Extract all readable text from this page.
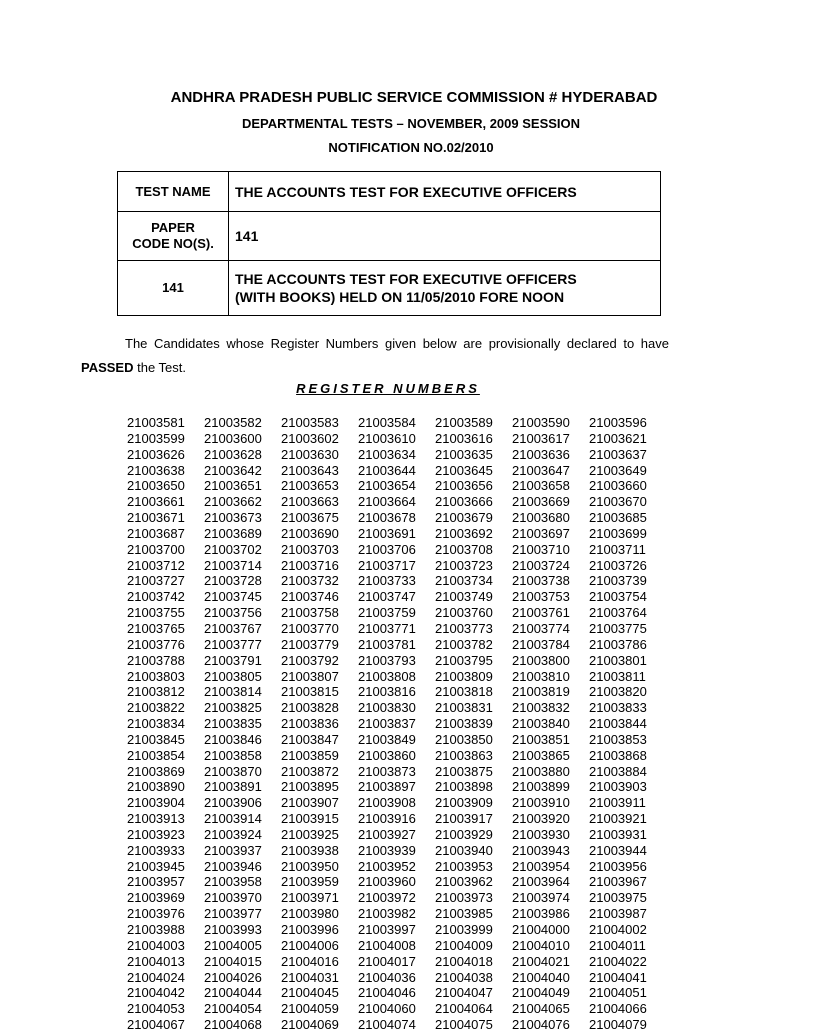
ANDHRA PRADESH PUBLIC SERVICE COMMISSION # HYDERABAD
DEPARTMENTAL TESTS – NOVEMBER, 2009 SESSION
NOTIFICATION NO.02/2010
TEST NAME	THE ACCOUNTS TEST FOR EXECUTIVE OFFICERS

PAPER
CODE NO(S).	141
141	THE ACCOUNTS TEST FOR EXECUTIVE OFFICERS
(WITH BOOKS) HELD ON 11/05/2010 FORE NOON
The Candidates whose Register Numbers given below are provisionally declared to have PASSED the Test.
REGISTER NUMBERS
21003581	21003582	21003583	21003584	21003589	21003590	21003596
21003599	21003600	21003602	21003610	21003616	21003617	21003621
21003626	21003628	21003630	21003634	21003635	21003636	21003637
21003638	21003642	21003643	21003644	21003645	21003647	21003649
21003650	21003651	21003653	21003654	21003656	21003658	21003660
21003661	21003662	21003663	21003664	21003666	21003669	21003670
21003671	21003673	21003675	21003678	21003679	21003680	21003685
21003687	21003689	21003690	21003691	21003692	21003697	21003699
21003700	21003702	21003703	21003706	21003708	21003710	21003711
21003712	21003714	21003716	21003717	21003723	21003724	21003726
21003727	21003728	21003732	21003733	21003734	21003738	21003739
21003742	21003745	21003746	21003747	21003749	21003753	21003754
21003755	21003756	21003758	21003759	21003760	21003761	21003764
21003765	21003767	21003770	21003771	21003773	21003774	21003775
21003776	21003777	21003779	21003781	21003782	21003784	21003786
21003788	21003791	21003792	21003793	21003795	21003800	21003801
21003803	21003805	21003807	21003808	21003809	21003810	21003811
21003812	21003814	21003815	21003816	21003818	21003819	21003820
21003822	21003825	21003828	21003830	21003831	21003832	21003833
21003834	21003835	21003836	21003837	21003839	21003840	21003844
21003845	21003846	21003847	21003849	21003850	21003851	21003853
21003854	21003858	21003859	21003860	21003863	21003865	21003868
21003869	21003870	21003872	21003873	21003875	21003880	21003884
21003890	21003891	21003895	21003897	21003898	21003899	21003903
21003904	21003906	21003907	21003908	21003909	21003910	21003911
21003913	21003914	21003915	21003916	21003917	21003920	21003921
21003923	21003924	21003925	21003927	21003929	21003930	21003931
21003933	21003937	21003938	21003939	21003940	21003943	21003944
21003945	21003946	21003950	21003952	21003953	21003954	21003956
21003957	21003958	21003959	21003960	21003962	21003964	21003967
21003969	21003970	21003971	21003972	21003973	21003974	21003975
21003976	21003977	21003980	21003982	21003985	21003986	21003987
21003988	21003993	21003996	21003997	21003999	21004000	21004002
21004003	21004005	21004006	21004008	21004009	21004010	21004011
21004013	21004015	21004016	21004017	21004018	21004021	21004022
21004024	21004026	21004031	21004036	21004038	21004040	21004041
21004042	21004044	21004045	21004046	21004047	21004049	21004051
21004053	21004054	21004059	21004060	21004064	21004065	21004066
21004067	21004068	21004069	21004074	21004075	21004076	21004079
